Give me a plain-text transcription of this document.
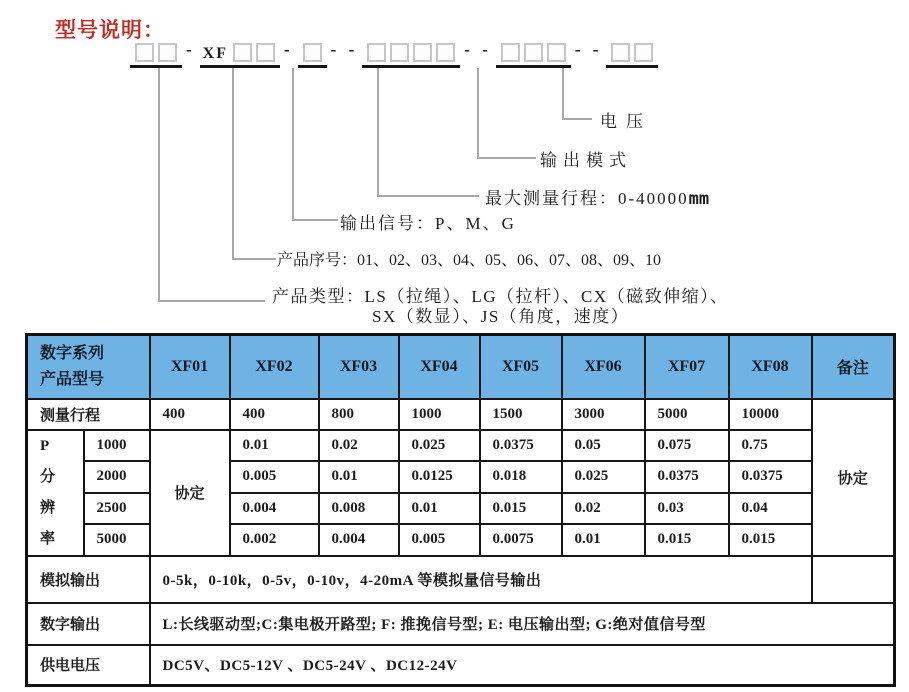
型号说明：
- XF	- - -	- -	- -
电压
输出模式
最大测量行程：0-40000mm
输出信号：P、M、G
产品序号：01、02、03、04、05、06、07、08、09、10
产品类型：LS（拉绳）、LG（拉杆）、CX（磁致伸缩）、
SX（数显）、JS（角度，速度）
数字系列
产品型号		XF01	XF02	XF03	XF04	XF05	XF06	XF07	XF08	备注
测量行程		400	400	800	1000	1500	3000	5000	10000	协定

P
分
辨
率	1000	协定	0.01	0.02	0.025	0.0375	0.05	0.075	0.75	
	2000		0.005	0.01	0.0125	0.018	0.025	0.0375	0.0375	
	2500		0.004	0.008	0.01	0.015	0.02	0.03	0.04	
	5000		0.002	0.004	0.005	0.0075	0.01	0.015	0.015	
模拟输出		0-5k，0-10k，0-5v，0-10v，4-20mA 等模拟量信号输出								
数字输出		L:长线驱动型;C:集电极开路型; F: 推挽信号型; E: 电压输出型; G:绝对值信号型								
供电电压		DC5V、DC5-12V 、DC5-24V 、DC12-24V								
